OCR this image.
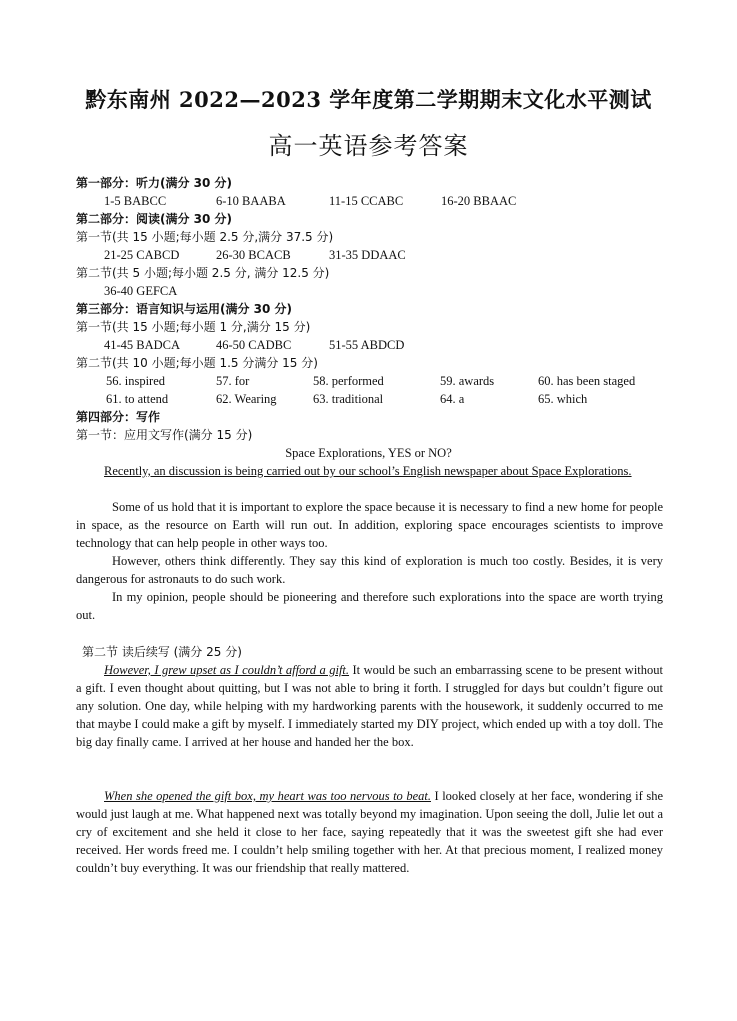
黔东南州 2022—2023 学年度第二学期期末文化水平测试
高一英语参考答案
第一部分：听力(满分 30 分)
1-5 BABCC	6-10 BAABA	11-15 CCABC	16-20 BBAAC
第二部分：阅读(满分 30 分)
第一节(共 15 小题;每小题 2.5 分,满分 37.5 分)
21-25 CABCD	26-30 BCACB	31-35 DDAAC
第二节(共 5 小题;每小题 2.5 分, 满分 12.5 分)
36-40 GEFCA
第三部分：语言知识与运用(满分 30 分)
第一节(共 15 小题;每小题 1 分,满分 15 分)
41-45 BADCA	46-50 CADBC	51-55 ABDCD
第二节(共 10 小题;每小题 1.5 分满分 15 分)
56. inspired	57. for	58. performed	59. awards	60. has been staged
61. to attend	62. Wearing	63. traditional	64. a	65. which
第四部分：写作
第一节：应用文写作(满分 15 分)
Space Explorations, YES or NO?
Recently, an discussion is being carried out by our school’s English newspaper about Space Explorations.
Some of us hold that it is important to explore the space because it is necessary to find a new home for people in space, as the resource on Earth will run out. In addition, exploring space encourages scientists to improve technology that can help people in other ways too.
However, others think differently. They say this kind of exploration is much too costly. Besides, it is very dangerous for astronauts to do such work.
In my opinion, people should be pioneering and therefore such explorations into the space are worth trying out.
第二节 读后续写 (满分 25 分)
However, I grew upset as I couldn’t afford a gift. It would be such an embarrassing scene to be present without a gift. I even thought about quitting, but I was not able to bring it forth. I struggled for days but couldn’t figure out any solution. One day, while helping with my hardworking parents with the housework, it suddenly occurred to me that maybe I could make a gift by myself. I immediately started my DIY project, which ended up with a toy doll. The big day finally came. I arrived at her house and handed her the box.
When she opened the gift box, my heart was too nervous to beat. I looked closely at her face, wondering if she would just laugh at me. What happened next was totally beyond my imagination. Upon seeing the doll, Julie let out a cry of excitement and she held it close to her face, saying repeatedly that it was the sweetest gift she had ever received. Her words freed me. I couldn’t help smiling together with her. At that precious moment, I realized money couldn’t buy everything. It was our friendship that really mattered.
